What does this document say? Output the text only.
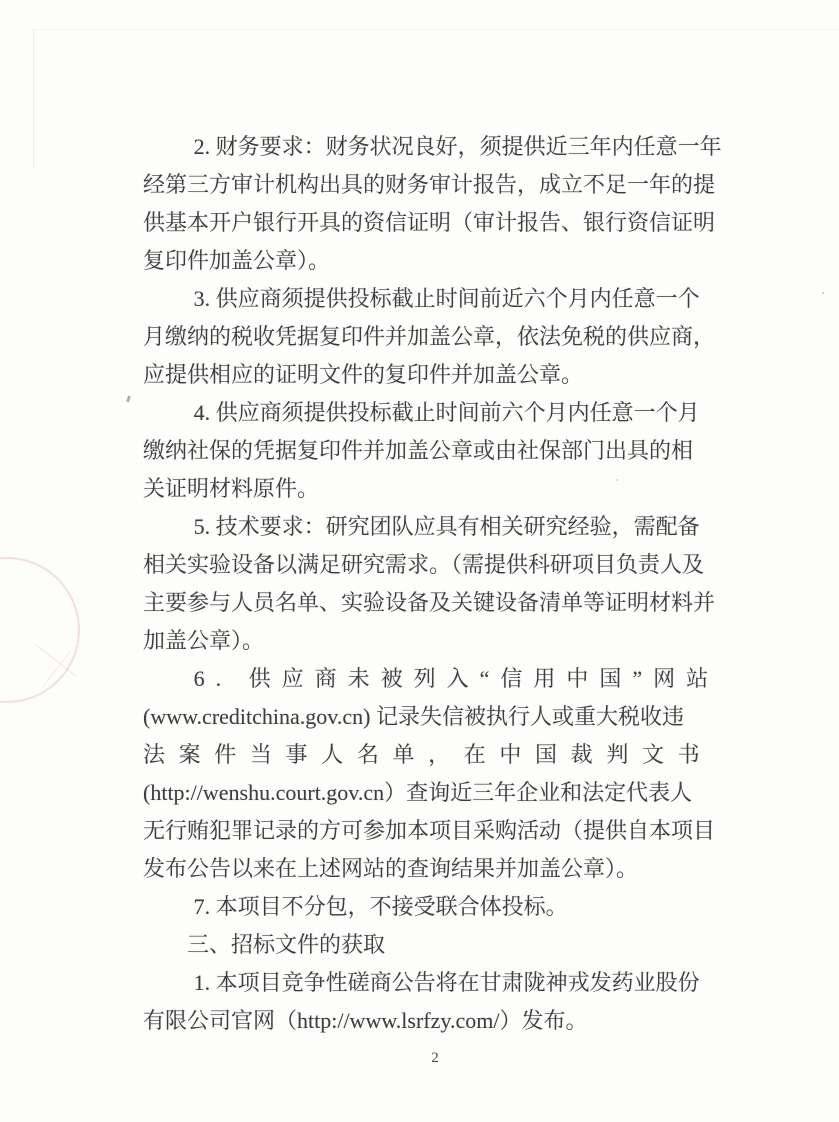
2. 财务要求：财务状况良好，须提供近三年内任意一年
经第三方审计机构出具的财务审计报告，成立不足一年的提
供基本开户银行开具的资信证明（审计报告、银行资信证明
复印件加盖公章）。

3. 供应商须提供投标截止时间前近六个月内任意一个
月缴纳的税收凭据复印件并加盖公章，依法免税的供应商，
应提供相应的证明文件的复印件并加盖公章。

4. 供应商须提供投标截止时间前六个月内任意一个月
缴纳社保的凭据复印件并加盖公章或由社保部门出具的相
关证明材料原件。

5. 技术要求：研究团队应具有相关研究经验，需配备
相关实验设备以满足研究需求。（需提供科研项目负责人及
主要参与人员名单、实验设备及关键设备清单等证明材料并
加盖公章）。

6. 供应商未被列入“信用中国”网站
(www.creditchina.gov.cn) 记录失信被执行人或重大税收违
法案件当事人名单，在中国裁判文书
(http://wenshu.court.gov.cn）查询近三年企业和法定代表人
无行贿犯罪记录的方可参加本项目采购活动（提供自本项目
发布公告以来在上述网站的查询结果并加盖公章）。

7. 本项目不分包，不接受联合体投标。

三、招标文件的获取

1. 本项目竞争性磋商公告将在甘肃陇神戎发药业股份
有限公司官网（http://www.lsrfzy.com/）发布。

2
